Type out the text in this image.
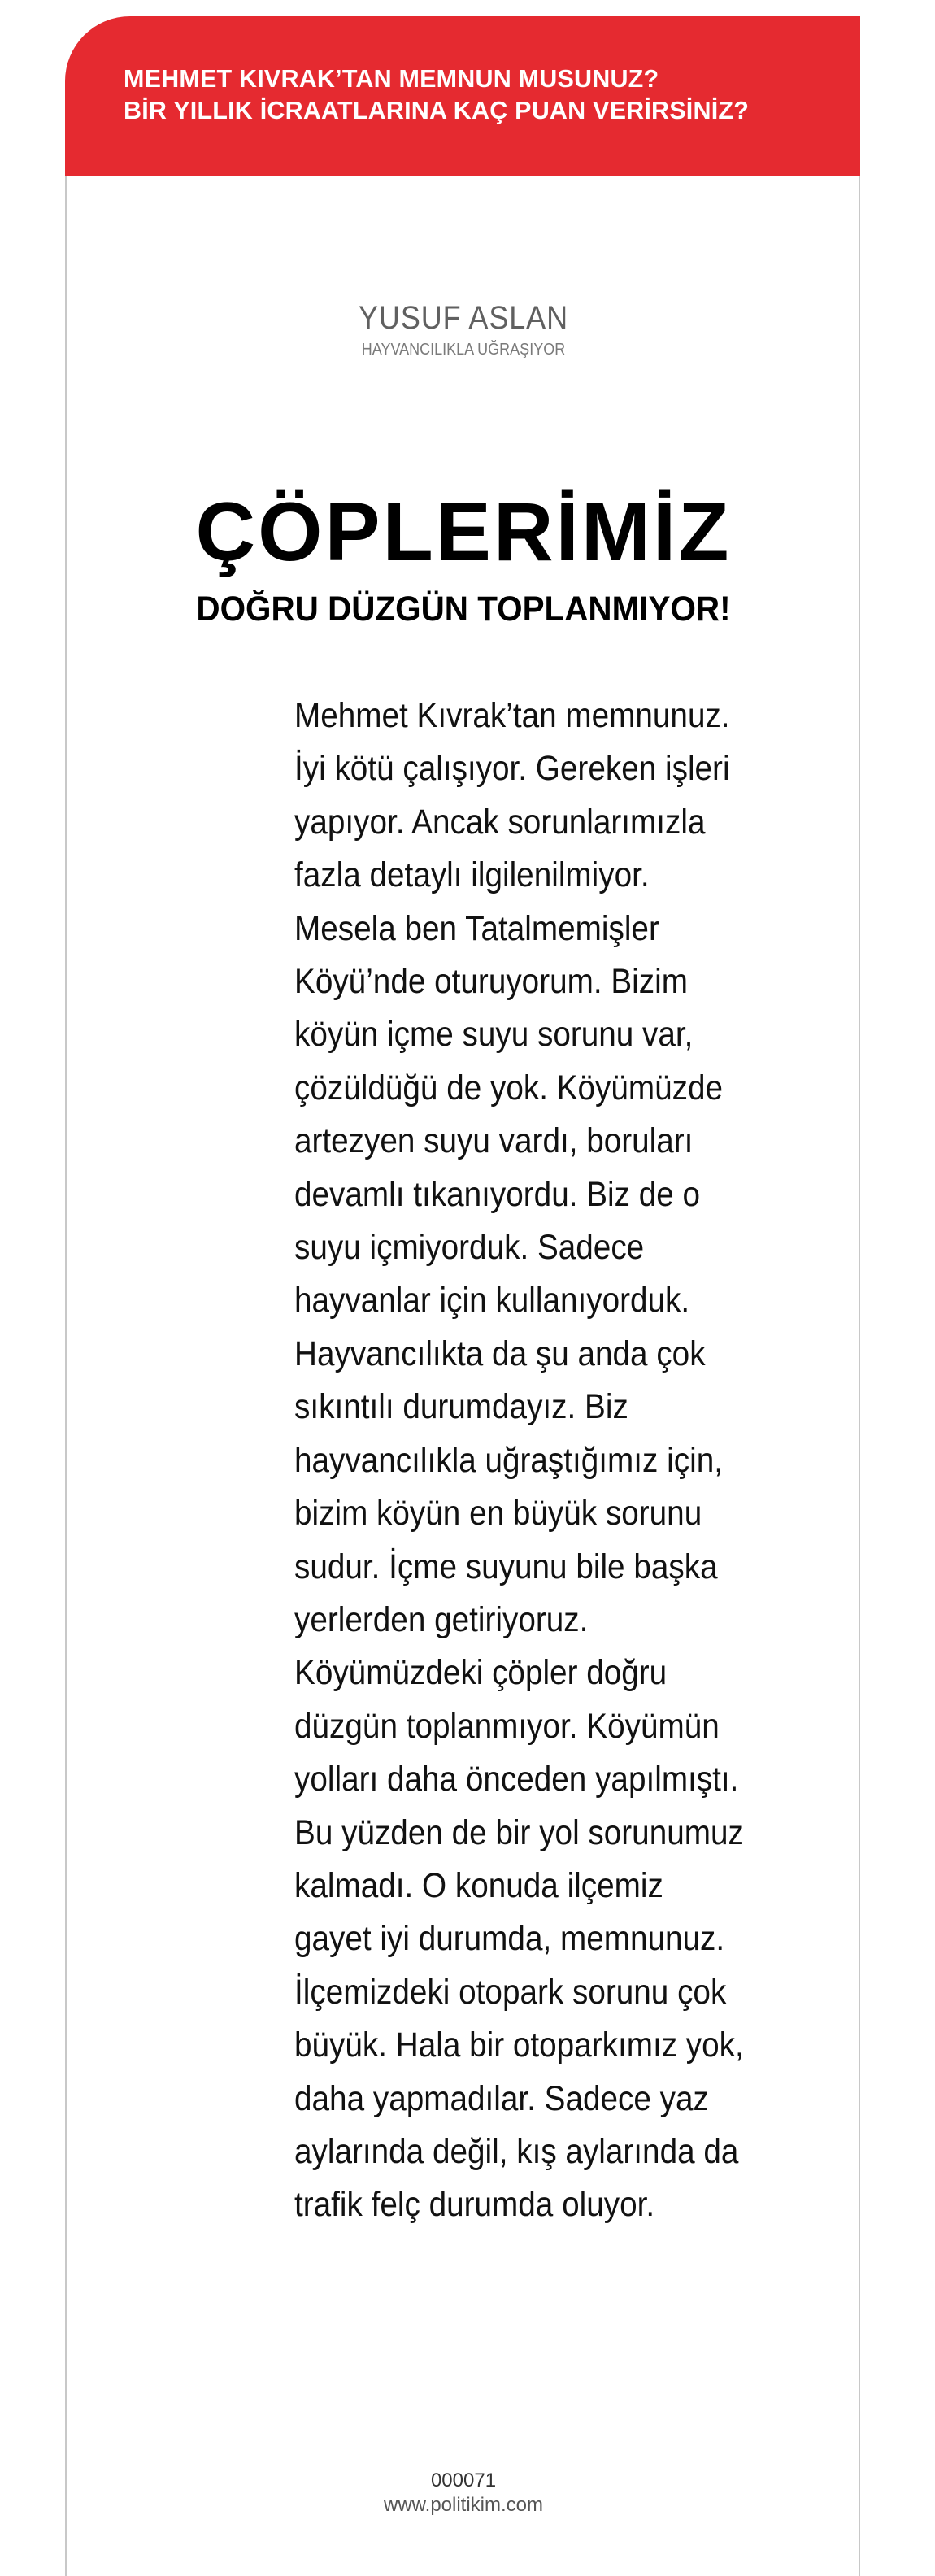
MEHMET KIVRAK’TAN MEMNUN MUSUNUZ?
BİR YILLIK İCRAATLARINA KAÇ PUAN VERİRSİNİZ?
YUSUF ASLAN
HAYVANCILIKLA UĞRAŞIYOR
ÇÖPLERİMİZ
DOĞRU DÜZGÜN TOPLANMIYOR!
Mehmet Kıvrak’tan memnunuz.
İyi kötü çalışıyor. Gereken işleri
yapıyor. Ancak sorunlarımızla
fazla detaylı ilgilenilmiyor.
Mesela ben Tatalmemişler
Köyü’nde oturuyorum. Bizim
köyün içme suyu sorunu var,
çözüldüğü de yok. Köyümüzde
artezyen suyu vardı, boruları
devamlı tıkanıyordu. Biz de o
suyu içmiyorduk. Sadece
hayvanlar için kullanıyorduk.
Hayvancılıkta da şu anda çok
sıkıntılı durumdayız. Biz
hayvancılıkla uğraştığımız için,
bizim köyün en büyük sorunu
sudur. İçme suyunu bile başka
yerlerden getiriyoruz.
Köyümüzdeki çöpler doğru
düzgün toplanmıyor. Köyümün
yolları daha önceden yapılmıştı.
Bu yüzden de bir yol sorunumuz
kalmadı. O konuda ilçemiz
gayet iyi durumda, memnunuz.
İlçemizdeki otopark sorunu çok
büyük. Hala bir otoparkımız yok,
daha yapmadılar. Sadece yaz
aylarında değil, kış aylarında da
trafik felç durumda oluyor.
000071
www.politikim.com
